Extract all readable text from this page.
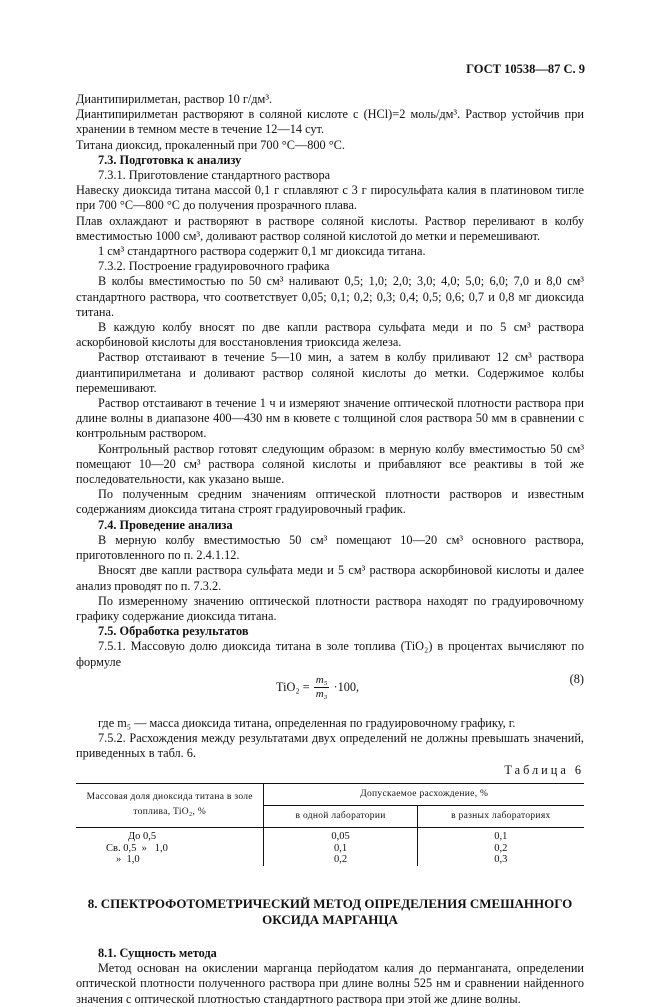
ГОСТ 10538—87 С. 9

Диантипирилметан, раствор 10 г/дм³.

Диантипирилметан растворяют в соляной кислоте с (HCl)=2 моль/дм³. Раствор устойчив при хранении в темном месте в течение 12—14 сут.

Титана диоксид, прокаленный при 700 °С—800 °С.

7.3. Подготовка к анализу

7.3.1. Приготовление стандартного раствора

Навеску диоксида титана массой 0,1 г сплавляют с 3 г пиросульфата калия в платиновом тигле при 700 °С—800 °С до получения прозрачного плава.

Плав охлаждают и растворяют в растворе соляной кислоты. Раствор переливают в колбу вместимостью 1000 см³, доливают раствор соляной кислотой до метки и перемешивают.

1 см³ стандартного раствора содержит 0,1 мг диоксида титана.

7.3.2. Построение градуировочного графика

В колбы вместимостью по 50 см³ наливают 0,5; 1,0; 2,0; 3,0; 4,0; 5,0; 6,0; 7,0 и 8,0 см³ стандартного раствора, что соответствует 0,05; 0,1; 0,2; 0,3; 0,4; 0,5; 0,6; 0,7 и 0,8 мг диоксида титана.

В каждую колбу вносят по две капли раствора сульфата меди и по 5 см³ раствора аскорбиновой кислоты для восстановления триоксида железа.

Раствор отстаивают в течение 5—10 мин, а затем в колбу приливают 12 см³ раствора диантипирилметана и доливают раствор соляной кислоты до метки. Содержимое колбы перемешивают.

Раствор отстаивают в течение 1 ч и измеряют значение оптической плотности раствора при длине волны в диапазоне 400—430 нм в кювете с толщиной слоя раствора 50 мм в сравнении с контрольным раствором.

Контрольный раствор готовят следующим образом: в мерную колбу вместимостью 50 см³ помещают 10—20 см³ раствора соляной кислоты и прибавляют все реактивы в той же последовательности, как указано выше.

По полученным средним значениям оптической плотности растворов и известным содержаниям диоксида титана строят градуировочный график.

7.4. Проведение анализа

В мерную колбу вместимостью 50 см³ помещают 10—20 см³ основного раствора, приготовленного по п. 2.4.1.12.

Вносят две капли раствора сульфата меди и 5 см³ раствора аскорбиновой кислоты и далее анализ проводят по п. 7.3.2.

По измеренному значению оптической плотности раствора находят по градуировочному графику содержание диоксида титана.

7.5. Обработка результатов

7.5.1. Массовую долю диоксида титана в золе топлива (TiO₂) в процентах вычисляют по формуле

$TiO_2 = \frac{\text{m₅}}{\text{m₃}} \cdot 100$,
(8)

где m₅ — масса диоксида титана, определенная по градуировочному графику, г.

7.5.2. Расхождения между результатами двух определений не должны превышать значений, приведенных в табл. 6.

Таблица 6
Массовая доля диоксида титана в золе топлива, TiO₂, %	Допускаемое расхождение, %	
	в одной лаборатории	в разных лабораториях

До 0,5	0,05	0,1
Св. 0,5  »   1,0	0,1	0,2
»  1,0	0,2	0,3
8. СПЕКТРОФОТОМЕТРИЧЕСКИЙ МЕТОД ОПРЕДЕЛЕНИЯ СМЕШАННОГО
ОКСИДА МАРГАНЦА

8.1. Сущность метода

Метод основан на окислении марганца перйодатом калия до перманганата, определении оптической плотности полученного раствора при длине волны 525 нм и сравнении найденного значения с оптической плотностью стандартного раствора при этой же длине волны.
